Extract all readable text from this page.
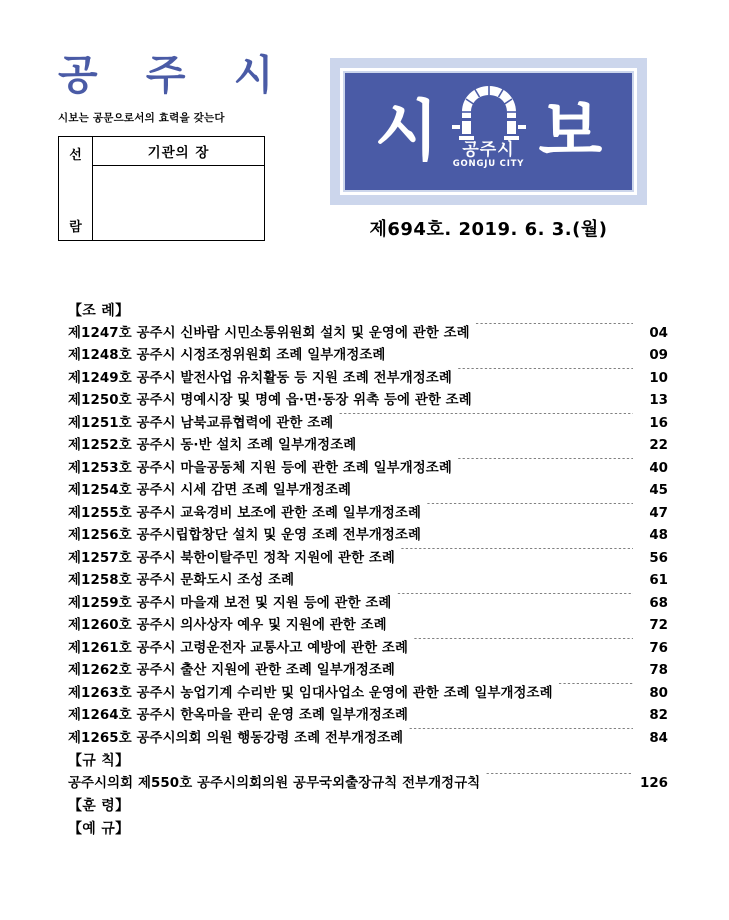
공 주 시
시보는 공문으로서의 효력을 갖는다
선
람
	기관의 장	시 공주시
GONGJU CITY 보
제694호. 2019. 6. 3.(월)
【조 례】
제1247호 공주시 신바람 시민소통위원회 설치 및 운영에 관한 조례 ·····	04
제1248호 공주시 시정조정위원회 조례 일부개정조례 ·····	09
제1249호 공주시 발전사업 유치활동 등 지원 조례 전부개정조례 ·····	10
제1250호 공주시 명예시장 및 명예 읍·면·동장 위촉 등에 관한 조례 ·····	13
제1251호 공주시 남북교류협력에 관한 조례 ·····	16
제1252호 공주시 동·반 설치 조례 일부개정조례 ·····	22
제1253호 공주시 마을공동체 지원 등에 관한 조례 일부개정조례 ·····	40
제1254호 공주시 시세 감면 조례 일부개정조례 ·····	45
제1255호 공주시 교육경비 보조에 관한 조례 일부개정조례 ·····	47
제1256호 공주시립합창단 설치 및 운영 조례 전부개정조례 ·····	48
제1257호 공주시 북한이탈주민 정착 지원에 관한 조례 ·····	56
제1258호 공주시 문화도시 조성 조례 ·····	61
제1259호 공주시 마을재 보전 및 지원 등에 관한 조례 ·····	68
제1260호 공주시 의사상자 예우 및 지원에 관한 조례 ·····	72
제1261호 공주시 고령운전자 교통사고 예방에 관한 조례 ·····	76
제1262호 공주시 출산 지원에 관한 조례 일부개정조례 ·····	78
제1263호 공주시 농업기계 수리반 및 임대사업소 운영에 관한 조례 일부개정조례 ·····	80
제1264호 공주시 한옥마을 관리 운영 조례 일부개정조례 ·····	82
제1265호 공주시의회 의원 행동강령 조례 전부개정조례 ·····	84
【규 칙】
공주시의회 제550호 공주시의회의원 공무국외출장규칙 전부개정규칙 ·····	126
【훈 령】
【예 규】
